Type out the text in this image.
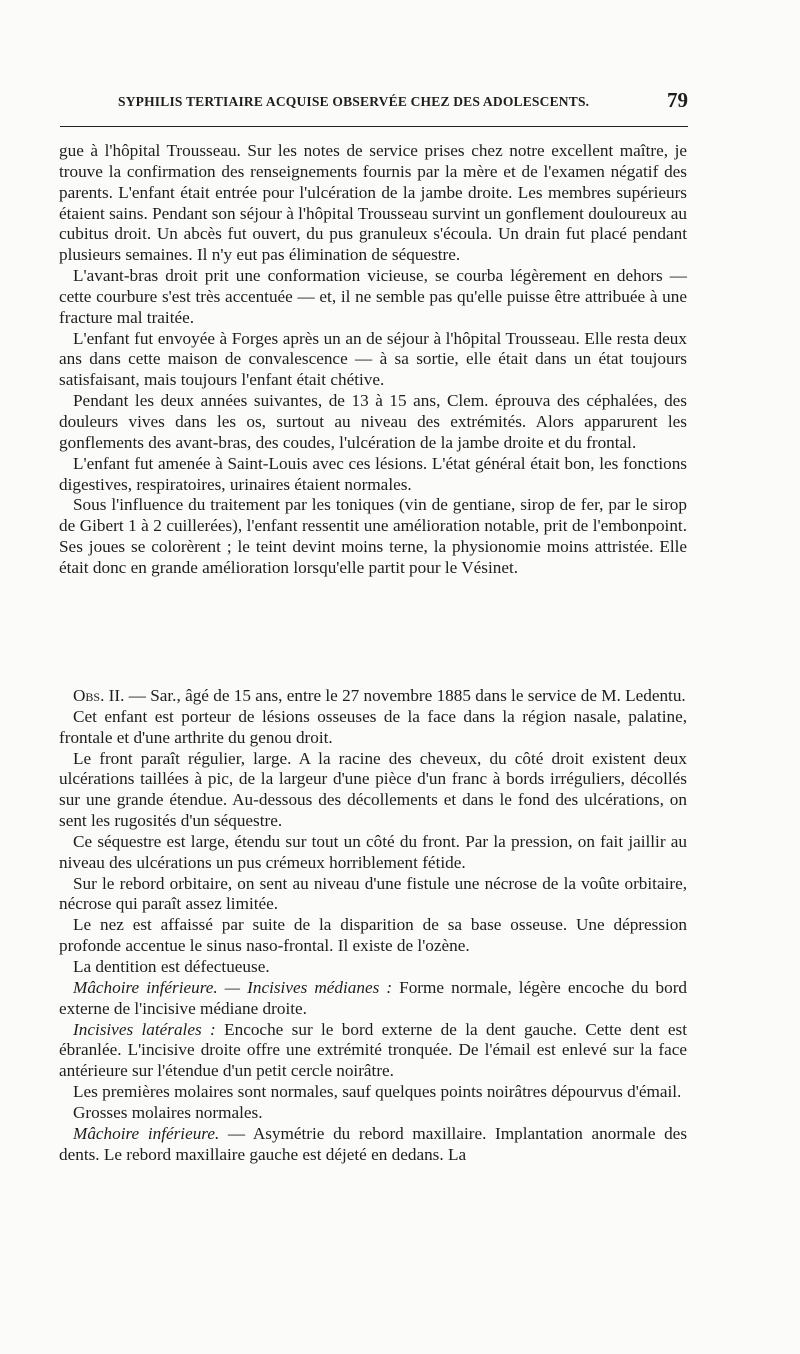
SYPHILIS TERTIAIRE ACQUISE OBSERVÉE CHEZ DES ADOLESCENTS.	79

gue à l'hôpital Trousseau. Sur les notes de service prises chez notre excellent maître, je trouve la confirmation des renseignements fournis par la mère et de l'examen négatif des parents. L'enfant était entrée pour l'ulcération de la jambe droite. Les membres supérieurs étaient sains. Pendant son séjour à l'hôpital Trousseau survint un gonflement douloureux au cubitus droit. Un abcès fut ouvert, du pus granuleux s'écoula. Un drain fut placé pendant plusieurs semaines. Il n'y eut pas élimination de séquestre.

L'avant-bras droit prit une conformation vicieuse, se courba légèrement en dehors — cette courbure s'est très accentuée — et, il ne semble pas qu'elle puisse être attribuée à une fracture mal traitée.

L'enfant fut envoyée à Forges après un an de séjour à l'hôpital Trousseau. Elle resta deux ans dans cette maison de convalescence — à sa sortie, elle était dans un état toujours satisfaisant, mais toujours l'enfant était chétive.

Pendant les deux années suivantes, de 13 à 15 ans, Clem. éprouva des céphalées, des douleurs vives dans les os, surtout au niveau des extrémités. Alors apparurent les gonflements des avant-bras, des coudes, l'ulcération de la jambe droite et du frontal.

L'enfant fut amenée à Saint-Louis avec ces lésions. L'état général était bon, les fonctions digestives, respiratoires, urinaires étaient normales.

Sous l'influence du traitement par les toniques (vin de gentiane, sirop de fer, par le sirop de Gibert 1 à 2 cuillerées), l'enfant ressentit une amélioration notable, prit de l'embonpoint. Ses joues se colorèrent ; le teint devint moins terne, la physionomie moins attristée. Elle était donc en grande amélioration lorsqu'elle partit pour le Vésinet.

Obs. II. — Sar., âgé de 15 ans, entre le 27 novembre 1885 dans le service de M. Ledentu.

Cet enfant est porteur de lésions osseuses de la face dans la région nasale, palatine, frontale et d'une arthrite du genou droit.

Le front paraît régulier, large. A la racine des cheveux, du côté droit existent deux ulcérations taillées à pic, de la largeur d'une pièce d'un franc à bords irréguliers, décollés sur une grande étendue. Au-dessous des décollements et dans le fond des ulcérations, on sent les rugosités d'un séquestre.

Ce séquestre est large, étendu sur tout un côté du front. Par la pression, on fait jaillir au niveau des ulcérations un pus crémeux horriblement fétide.

Sur le rebord orbitaire, on sent au niveau d'une fistule une nécrose de la voûte orbitaire, nécrose qui paraît assez limitée.

Le nez est affaissé par suite de la disparition de sa base osseuse. Une dépression profonde accentue le sinus naso-frontal. Il existe de l'ozène.

La dentition est défectueuse.

Mâchoire inférieure. — Incisives médianes : Forme normale, légère encoche du bord externe de l'incisive médiane droite.

Incisives latérales : Encoche sur le bord externe de la dent gauche. Cette dent est ébranlée. L'incisive droite offre une extrémité tronquée. De l'émail est enlevé sur la face antérieure sur l'étendue d'un petit cercle noirâtre.

Les premières molaires sont normales, sauf quelques points noirâtres dépourvus d'émail.

Grosses molaires normales.

Mâchoire inférieure. — Asymétrie du rebord maxillaire. Implantation anormale des dents. Le rebord maxillaire gauche est déjeté en dedans. La
